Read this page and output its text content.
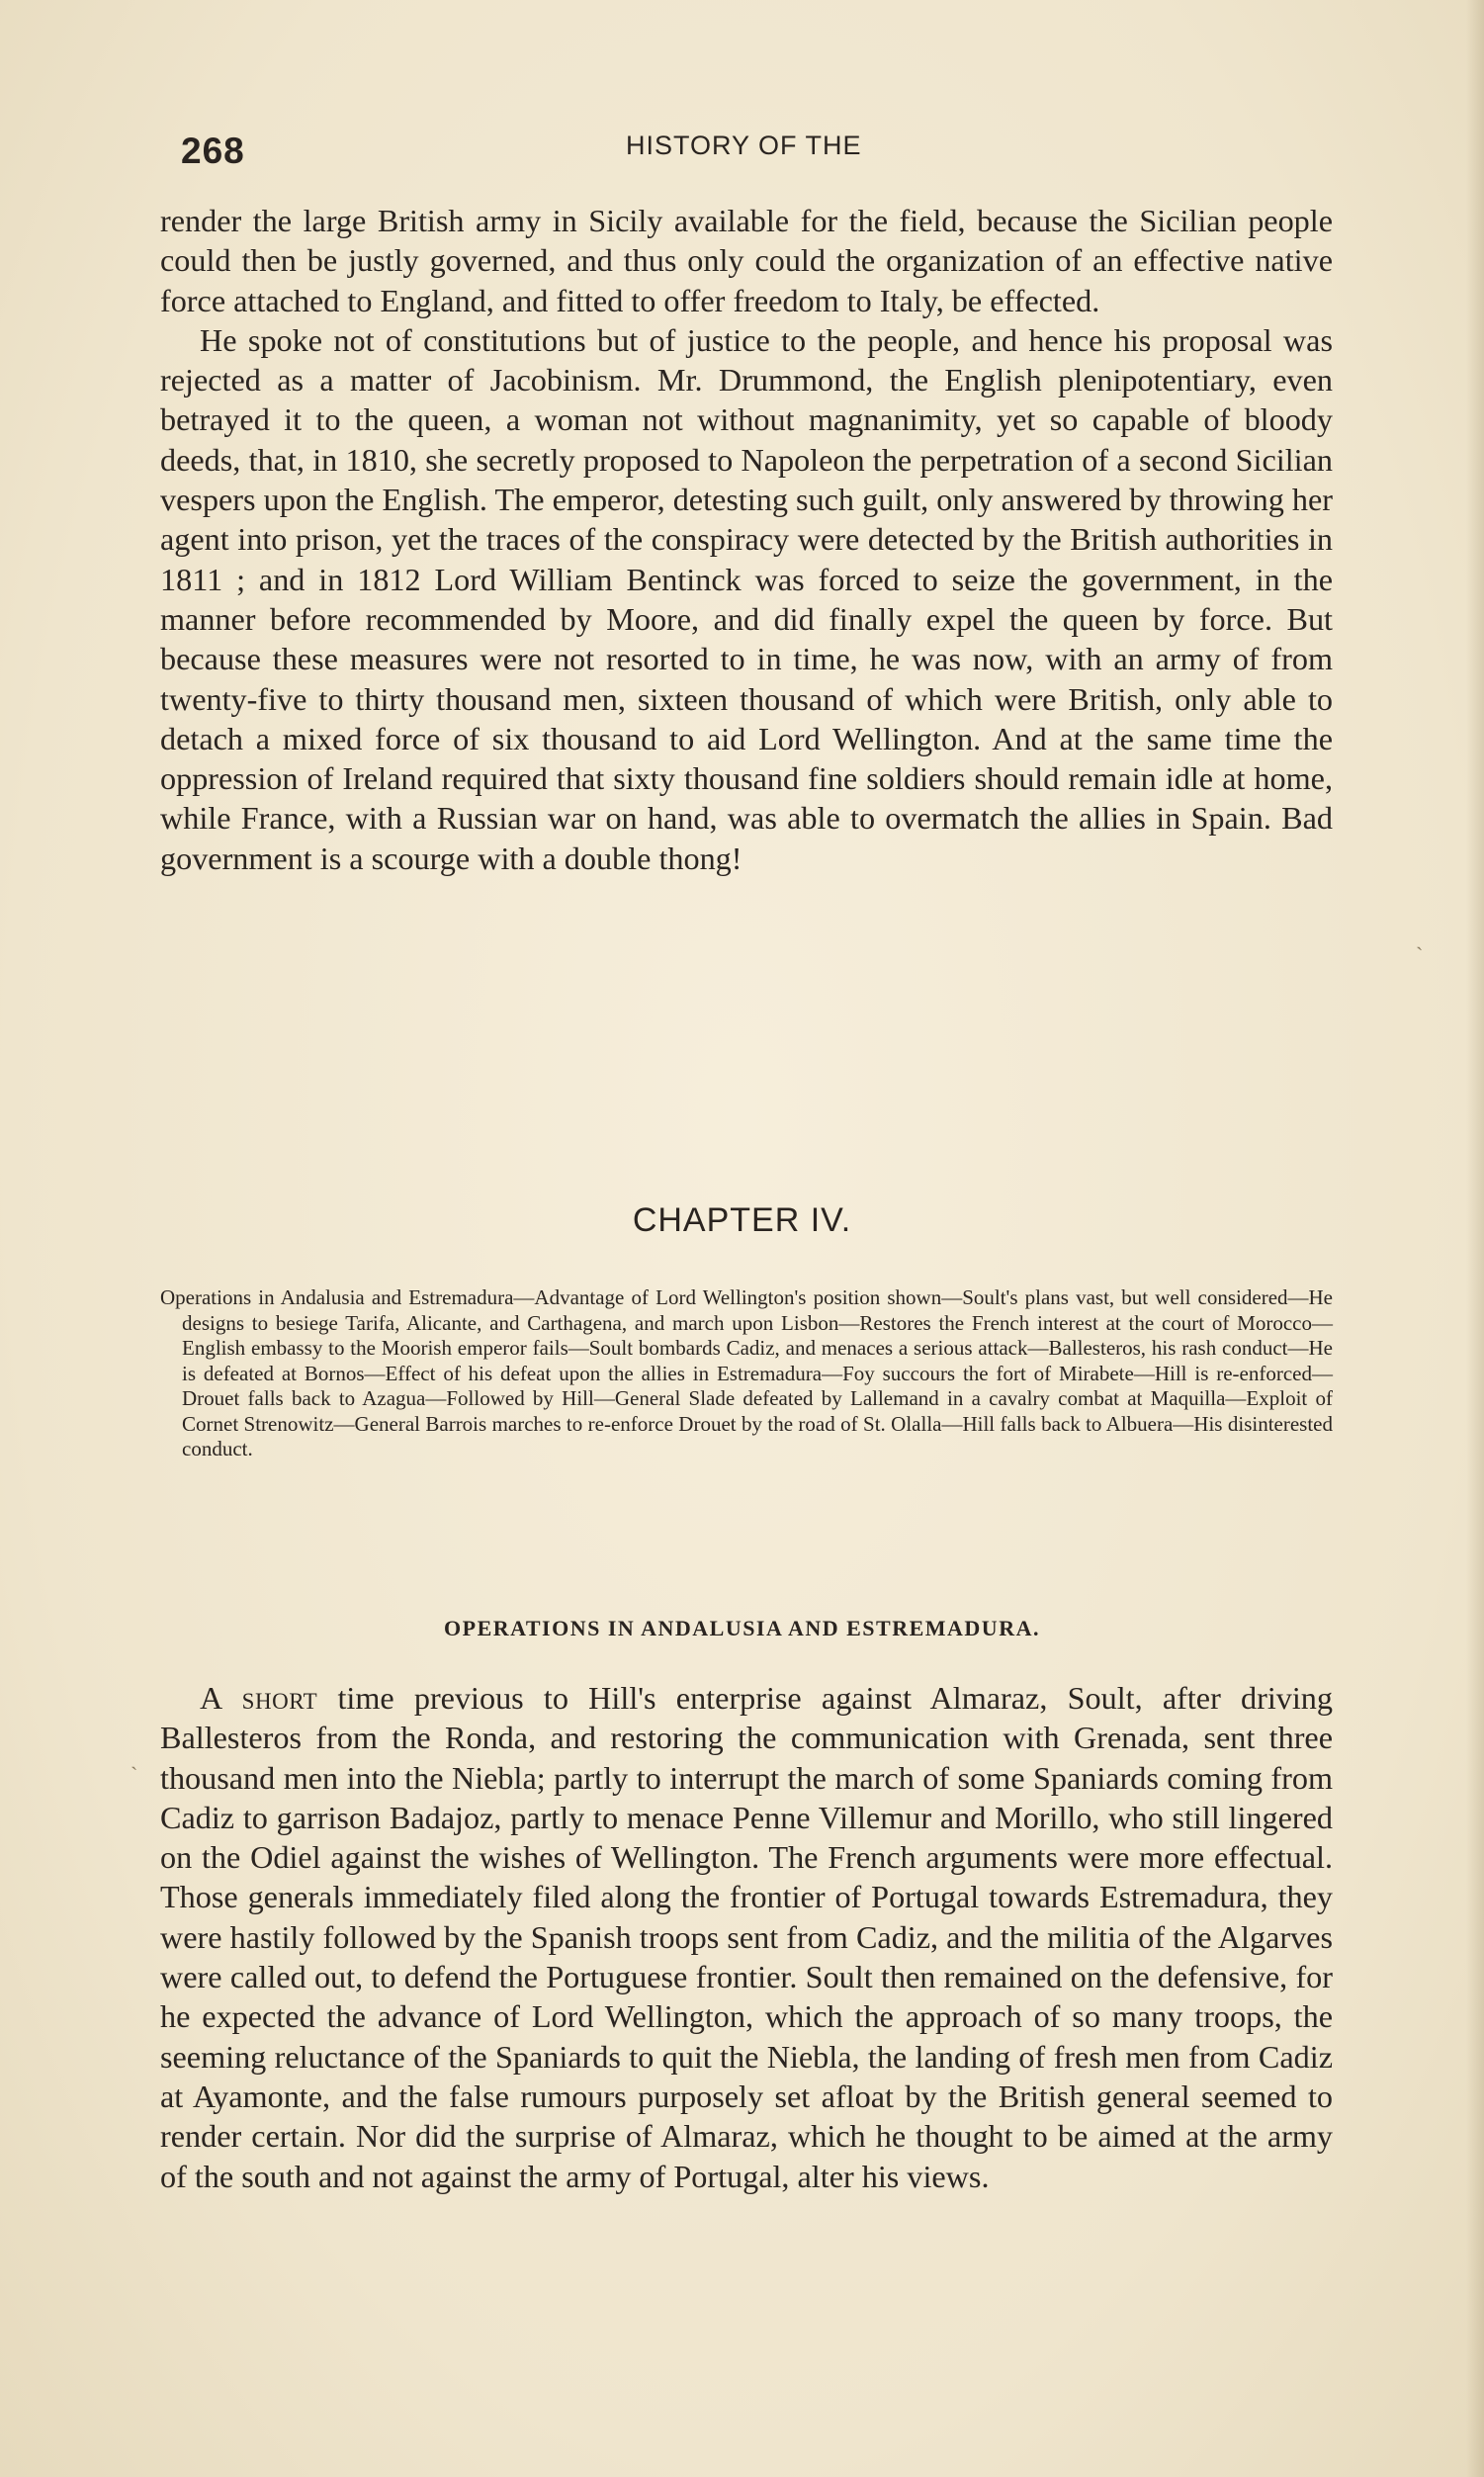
268	HISTORY OF THE

render the large British army in Sicily available for the field, because the Sicilian people could then be justly governed, and thus only could the organization of an effective native force attached to England, and fitted to offer freedom to Italy, be effected.

He spoke not of constitutions but of justice to the people, and hence his proposal was rejected as a matter of Jacobinism. Mr. Drummond, the English plenipotentiary, even betrayed it to the queen, a woman not without magnanimity, yet so capable of bloody deeds, that, in 1810, she secretly proposed to Napoleon the perpetration of a second Sicilian vespers upon the English. The emperor, detesting such guilt, only answered by throwing her agent into prison, yet the traces of the conspiracy were detected by the British authorities in 1811 ; and in 1812 Lord William Bentinck was forced to seize the government, in the manner before recommended by Moore, and did finally expel the queen by force. But because these measures were not resorted to in time, he was now, with an army of from twenty-five to thirty thousand men, sixteen thousand of which were British, only able to detach a mixed force of six thousand to aid Lord Wellington. And at the same time the oppression of Ireland required that sixty thousand fine soldiers should remain idle at home, while France, with a Russian war on hand, was able to overmatch the allies in Spain. Bad government is a scourge with a double thong!

CHAPTER IV.
Operations in Andalusia and Estremadura—Advantage of Lord Wellington's position shown—Soult's plans vast, but well considered—He designs to besiege Tarifa, Alicante, and Carthagena, and march upon Lisbon—Restores the French interest at the court of Morocco—English embassy to the Moorish emperor fails—Soult bombards Cadiz, and menaces a serious attack—Ballesteros, his rash conduct—He is defeated at Bornos—Effect of his defeat upon the allies in Estremadura—Foy succours the fort of Mirabete—Hill is re-enforced—Drouet falls back to Azagua—Followed by Hill—General Slade defeated by Lallemand in a cavalry combat at Maquilla—Exploit of Cornet Strenowitz—General Barrois marches to re-enforce Drouet by the road of St. Olalla—Hill falls back to Albuera—His disinterested conduct.
OPERATIONS IN ANDALUSIA AND ESTREMADURA.

A short time previous to Hill's enterprise against Almaraz, Soult, after driving Ballesteros from the Ronda, and restoring the communication with Grenada, sent three thousand men into the Niebla; partly to interrupt the march of some Spaniards coming from Cadiz to garrison Badajoz, partly to menace Penne Villemur and Morillo, who still lingered on the Odiel against the wishes of Wellington. The French arguments were more effectual. Those generals immediately filed along the frontier of Portugal towards Estremadura, they were hastily followed by the Spanish troops sent from Cadiz, and the militia of the Algarves were called out, to defend the Portuguese frontier. Soult then remained on the defensive, for he expected the advance of Lord Wellington, which the approach of so many troops, the seeming reluctance of the Spaniards to quit the Niebla, the landing of fresh men from Cadiz at Ayamonte, and the false rumours purposely set afloat by the British general seemed to render certain. Nor did the surprise of Almaraz, which he thought to be aimed at the army of the south and not against the army of Portugal, alter his views.

ˎ
ˏ
